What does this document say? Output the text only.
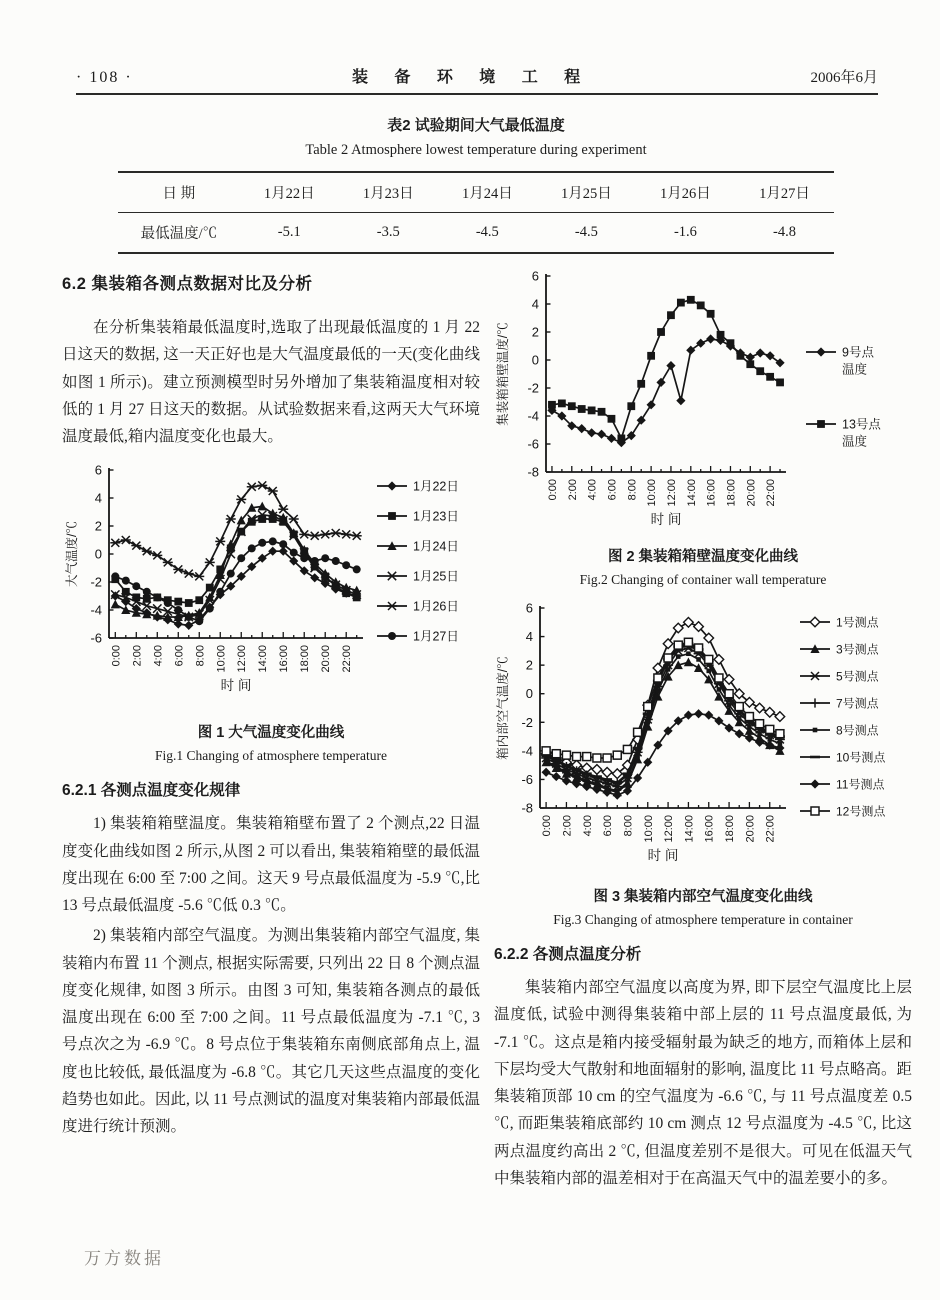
· 108 ·	装 备 环 境 工 程	2006年6月
表2 试验期间大气最低温度
Table 2 Atmosphere lowest temperature during experiment
日 期	1月22日	1月23日	1月24日	1月25日	1月26日	1月27日
最低温度/℃	-5.1	-3.5	-4.5	-4.5	-1.6	-4.8
6.2 集装箱各测点数据对比及分析

在分析集装箱最低温度时,选取了出现最低温度的 1 月 22 日这天的数据, 这一天正好也是大气温度最低的一天(变化曲线如图 1 所示)。建立预测模型时另外增加了集装箱温度相对较低的 1 月 27 日这天的数据。从试验数据来看,这两天大气环境温度最低,箱内温度变化也最大。

6
4
2
0
-2
-4
-6
0:00 2:00 4:00 6:00 8:00 10:00 12:00 14:00 16:00 18:00 20:00 22:00
时 间
大气温度/℃
1月22日
1月23日
1月24日
1月25日
1月26日
1月27日
图 1 大气温度变化曲线
Fig.1 Changing of atmosphere temperature
6.2.1 各测点温度变化规律

1) 集装箱箱壁温度。集装箱箱壁布置了 2 个测点,22 日温度变化曲线如图 2 所示,从图 2 可以看出, 集装箱箱壁的最低温度出现在 6:00 至 7:00 之间。这天 9 号点最低温度为 -5.9 ℃,比 13 号点最低温度 -5.6 ℃低 0.3 ℃。

2) 集装箱内部空气温度。为测出集装箱内部空气温度, 集装箱内布置 11 个测点, 根据实际需要, 只列出 22 日 8 个测点温度变化规律, 如图 3 所示。由图 3 可知, 集装箱各测点的最低温度出现在 6:00 至 7:00 之间。11 号点最低温度为 -7.1 ℃, 3 号点次之为 -6.9 ℃。8 号点位于集装箱东南侧底部角点上, 温度也比较低, 最低温度为 -6.8 ℃。其它几天这些点温度的变化趋势也如此。因此, 以 11 号点测试的温度对集装箱内部最低温度进行统计预测。

6
4
2
0
-2
-4
-6
-8
0:00 2:00 4:00 6:00 8:00 10:00 12:00 14:00 16:00 18:00 20:00 22:00
时 间
集装箱箱壁温度/℃	9号点
温度
13号点
温度
图 2 集装箱箱壁温度变化曲线
Fig.2 Changing of container wall temperature
6
4
2
0
-2
-4
-6
-8
0:00 2:00 4:00 6:00 8:00 10:00 12:00 14:00 16:00 18:00 20:00 22:00
时 间
箱内部空气温度/℃
1号测点
3号测点
5号测点
7号测点
8号测点
10号测点
11号测点
12号测点
图 3 集装箱内部空气温度变化曲线
Fig.3 Changing of atmosphere temperature in container
6.2.2 各测点温度分析

集装箱内部空气温度以高度为界, 即下层空气温度比上层温度低, 试验中测得集装箱中部上层的 11 号点温度最低, 为 -7.1 ℃。这点是箱内接受辐射最为缺乏的地方, 而箱体上层和下层均受大气散射和地面辐射的影响, 温度比 11 号点略高。距集装箱顶部 10 cm 的空气温度为 -6.6 ℃, 与 11 号点温度差 0.5 ℃, 而距集装箱底部约 10 cm 测点 12 号点温度为 -4.5 ℃, 比这两点温度约高出 2 ℃, 但温度差别不是很大。可见在低温天气中集装箱内部的温差相对于在高温天气中的温差要小的多。

万方数据
